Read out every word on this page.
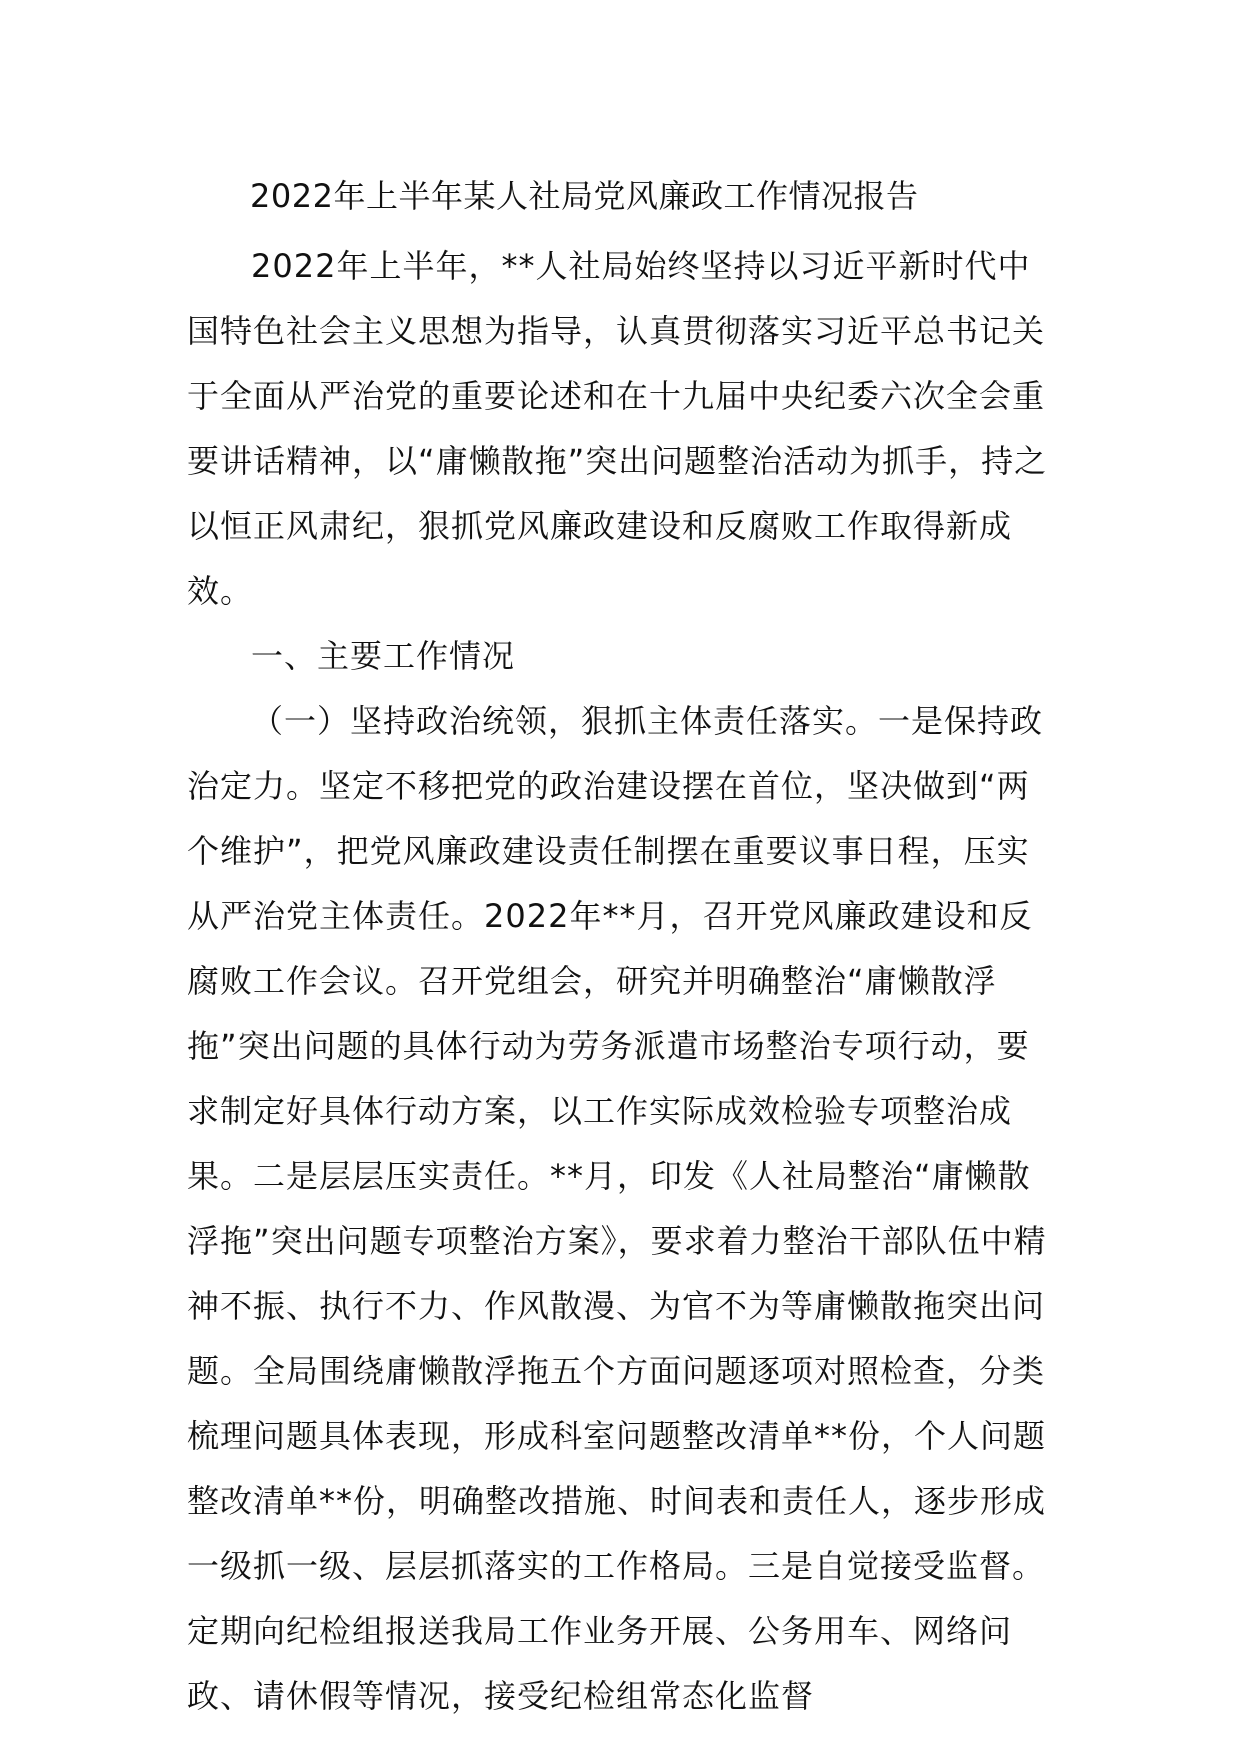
2022年上半年某人社局党风廉政工作情况报告

2022年上半年，**人社局始终坚持以习近平新时代中国特色社会主义思想为指导，认真贯彻落实习近平总书记关于全面从严治党的重要论述和在十九届中央纪委六次全会重要讲话精神，以“庸懒散拖”突出问题整治活动为抓手，持之以恒正风肃纪，狠抓党风廉政建设和反腐败工作取得新成效。

一、主要工作情况

（一）坚持政治统领，狠抓主体责任落实。一是保持政治定力。坚定不移把党的政治建设摆在首位，坚决做到“两个维护”，把党风廉政建设责任制摆在重要议事日程，压实从严治党主体责任。2022年**月，召开党风廉政建设和反腐败工作会议。召开党组会，研究并明确整治“庸懒散浮拖”突出问题的具体行动为劳务派遣市场整治专项行动，要求制定好具体行动方案，以工作实际成效检验专项整治成果。二是层层压实责任。**月，印发《人社局整治“庸懒散浮拖”突出问题专项整治方案》，要求着力整治干部队伍中精神不振、执行不力、作风散漫、为官不为等庸懒散拖突出问题。全局围绕庸懒散浮拖五个方面问题逐项对照检查，分类梳理问题具体表现，形成科室问题整改清单**份，个人问题整改清单**份，明确整改措施、时间表和责任人，逐步形成一级抓一级、层层抓落实的工作格局。三是自觉接受监督。定期向纪检组报送我局工作业务开展、公务用车、网络问政、请休假等情况，接受纪检组常态化监督
